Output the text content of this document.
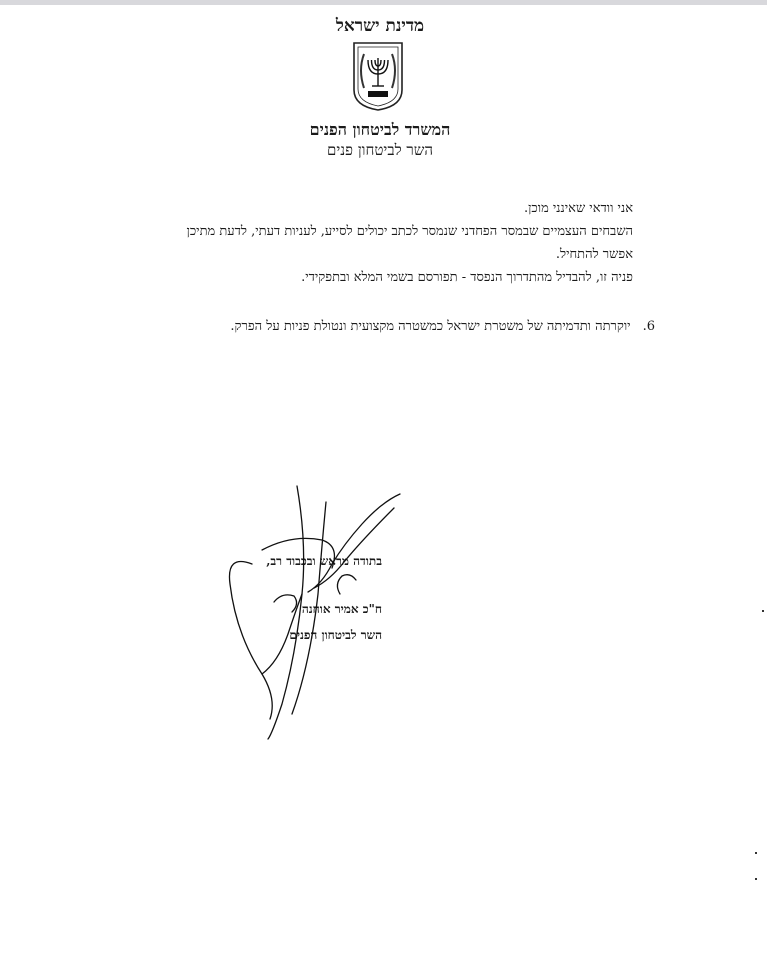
מדינת ישראל
המשרד לביטחון הפנים
השר לביטחון פנים

אני וודאי שאינני מוכן.

השבחים העצמיים שבמסר הפחדני שנמסר לכתב יכולים לסייע, לענ‏יות דעתי, לדעת מתיכן

אפשר להתחיל.

פניה זו, להבדיל מהתדרוך הנפסד - תפורסם בשמי המלא ובתפקידי.

6.יוקרתה ותדמיתה של משטרת ישראל כמשטרה מקצועית ונטולת פניות על הפרק.
בתודה מראש ובכבוד רב,
ח"כ אמיר אוחנה
השר לביטחון הפנים
